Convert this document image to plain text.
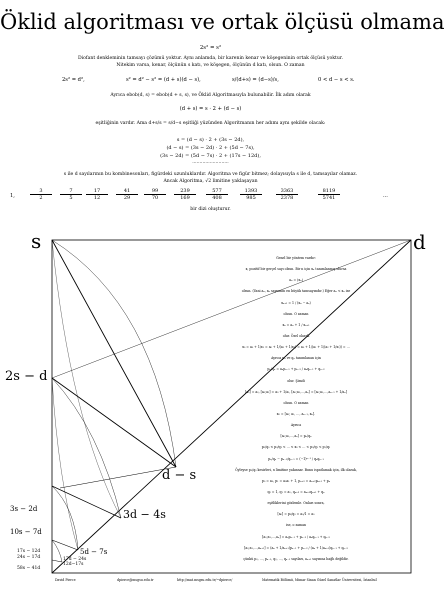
Öklid algoritması ve ortak ölçüsü olmama
2s² = s²
Diofant denkleminin tamsayı çözümü yoktur. Aynı anlamda, bir karenin kenar ve köşegeninin ortak ölçüsü yoktur.
Nitekim varsa, kenar, ölçünün s katı, ve köşegen, ölçünün d katı, olsun. O zaman
2s² = d²,	s² = d² − s² = (d + s)(d − s),	s/(d+s) = (d−s)/s,	0 < d − s < s.
Ayrıca ebob(d, s) = ebob(d + s, s), ve Öklid Algoritmasıyla bulunabilir. İlk adım olarak
(d + s) = s · 2 + (d − s)
eşitliğinin vardır. Ama d+s/s = s/d−s eşitliği yüzünden Algoritmanın her adımı aynı şekilde olacak:
s = (d − s) · 2 + (3s − 2d),
(d − s) = (3s − 2d) · 2 + (5d − 7s),
(3s − 2d) = (5d − 7s) · 2 + (17s − 12d),
·························
s ile d sayılarının bu kombinesonları, figürdeki uzunluklardır. Algoritma ve figür bitmez; dolayısıyla s ile d, tamsayılar olamaz.
Ancak Algoritma, √2 limitine yaklaşayan
1,	$\frac{3}{2} \frac{7}{5} \frac{17}{12} \frac{41}{29} \frac{99}{70} \frac{239}{169} \frac{577}{408} \frac{1393}{985}$	$\frac{3363}{2378}$	$\frac{8119}{5741}$	...
bir dizi oluşturur.
s	d
2s − d
d − s
3s − 2d	3d − 4s
10s − 7d
5d − 7s
17s − 12d
24s − 17d	17d − 24s
12d−17s
58s − 41d
Genel bir yöntem vardır:
x, pozitif bir gerçel sayı olsun. Bir n için xₙ tanımlanmış olursa
aₙ = ⌊xₙ⌋
olsun. (Yani aₙ, xₙ sayısının en büyük tamsayısıdır.) Eğer aₙ < xₙ ise
xₙ₊₁ = 1 / (xₙ − aₙ)
olsun. O zaman
xₙ = aₙ + 1 / xₙ₊₁
olur. Özel olarak
x₀ = a₀ + 1/x₁ = a₀ + 1/(a₁ + 1/x₂) = a₀ + 1/(a₁ + 1/(a₂ + 1/x₃)) = …
Ayrıca pₙ ve qₙ tanımlanan için
pₙ/qₙ = aₙpₙ₋₁ + pₙ₋₂ / aₙqₙ₋₁ + qₙ₋₂
olur. Şimdi
[a₀] = a₀, [a₀;a₁] = a₀ + 1/a₁, [a₀;a₁,…,aₙ] = [a₀;a₁,…,aₙ₋₁ + 1/aₙ]
olsun. O zaman
x₀ = [a₀; a₁, …, aₙ₋₁, xₙ].
Ayrıca
[a₀;a₁,…,aₙ] = pₙ/qₙ
p₀/q₀ < p₂/q₂ < … < x₀ < … < p₃/q₃ < p₁/q₁
pₙ/qₙ − pₙ₋₁/qₙ₋₁ = (−1)ⁿ⁻¹ / qₙqₙ₋₁
Öyleyse p₀/q₀ kesirleri, x limitine yakınsar. Bunu ispatlamak için, ilk olarak,
p₀ = a₀, p₁ = a₀a₁ + 1, pₙ₊₂ = aₙ₊₂pₙ₊₁ + pₙ
q₀ = 1, q₁ = a₁, qₙ₊₂ = aₙ₊₂qₙ₊₁ + qₙ
eşitliklerini gözlemle. Onları sonra,
[a₀] = p₀/q₀ = a₀/1 = a₀
ise, o zaman
[a₀;a₁,…,aₙ] = aₙpₙ₋₁ + pₙ₋₂ / aₙqₙ₋₁ + qₙ₋₂
[a₀;a₁,…,aₙ₊₁] = (aₙ + 1/aₙ₊₁)pₙ₋₁ + pₙ₋₂ / (aₙ + 1/aₙ₊₁)qₙ₋₁ + qₙ₋₂
çünkü p₀, …, pₙ₋₁, q₀, …, qₙ₋₁ sayıları, aₙ₊₁ sayısına bağlı değildir.
David Pierce	dpierce@msgsu.edu.tr	http://mat.msgsu.edu.tr/~dpierce/	Matematik Bölümü, Mimar Sinan Güzel Sanatlar Üniversitesi, İstanbul
